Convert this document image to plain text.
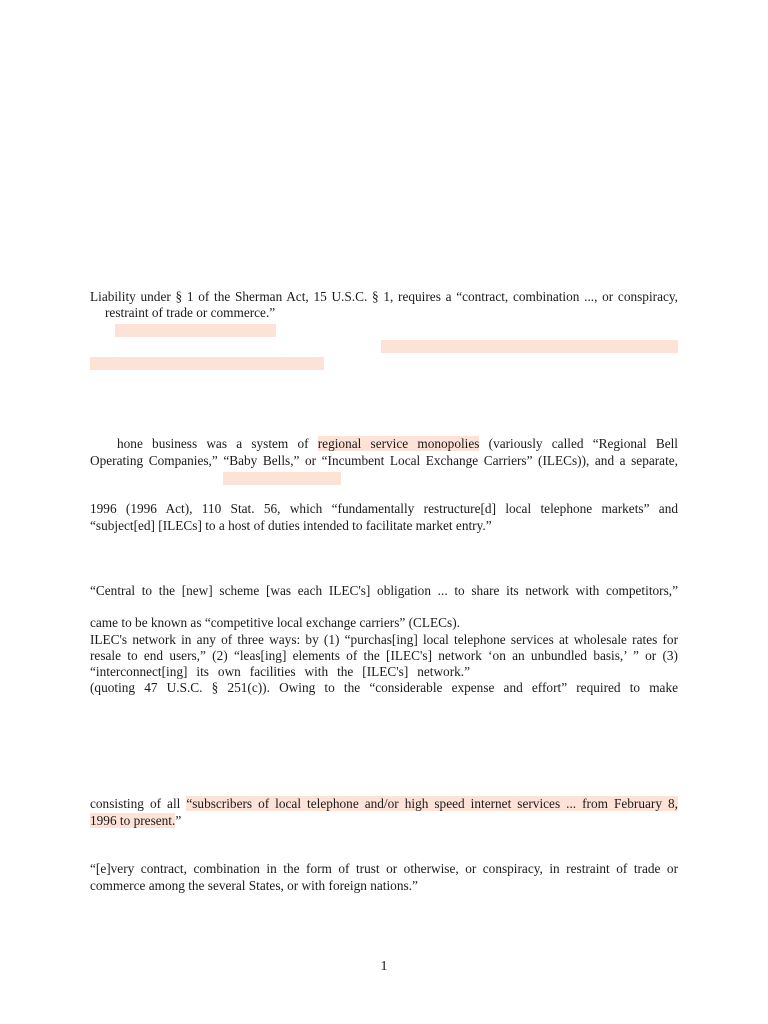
Liability under § 1 of the Sherman Act, 15 U.S.C. § 1, requires a “contract, combination ..., or conspiracy,
restraint of trade or commerce.”
hone business was a system of regional service monopolies (variously called “Regional Bell
Operating Companies,” “Baby Bells,” or “Incumbent Local Exchange Carriers” (ILECs)), and a separate,
1996 (1996 Act), 110 Stat. 56, which “fundamentally restructure[d] local telephone markets” and
“subject[ed] [ILECs] to a host of duties intended to facilitate market entry.”
“Central to the [new] scheme [was each ILEC's] obligation ... to share its network with competitors,”
came to be known as “competitive local exchange carriers” (CLECs).
ILEC's network in any of three ways: by (1) “purchas[ing] local telephone services at wholesale rates for
resale to end users,” (2) “leas[ing] elements of the [ILEC's] network ‘on an unbundled basis,’ ” or (3)
“interconnect[ing] its own facilities with the [ILEC's] network.”
(quoting 47 U.S.C. § 251(c)). Owing to the “considerable expense and effort” required to make
consisting of all “subscribers of local telephone and/or high speed internet services ... from February 8,
1996 to present.”
“[e]very contract, combination in the form of trust or otherwise, or conspiracy, in restraint of trade or
commerce among the several States, or with foreign nations.”
1
